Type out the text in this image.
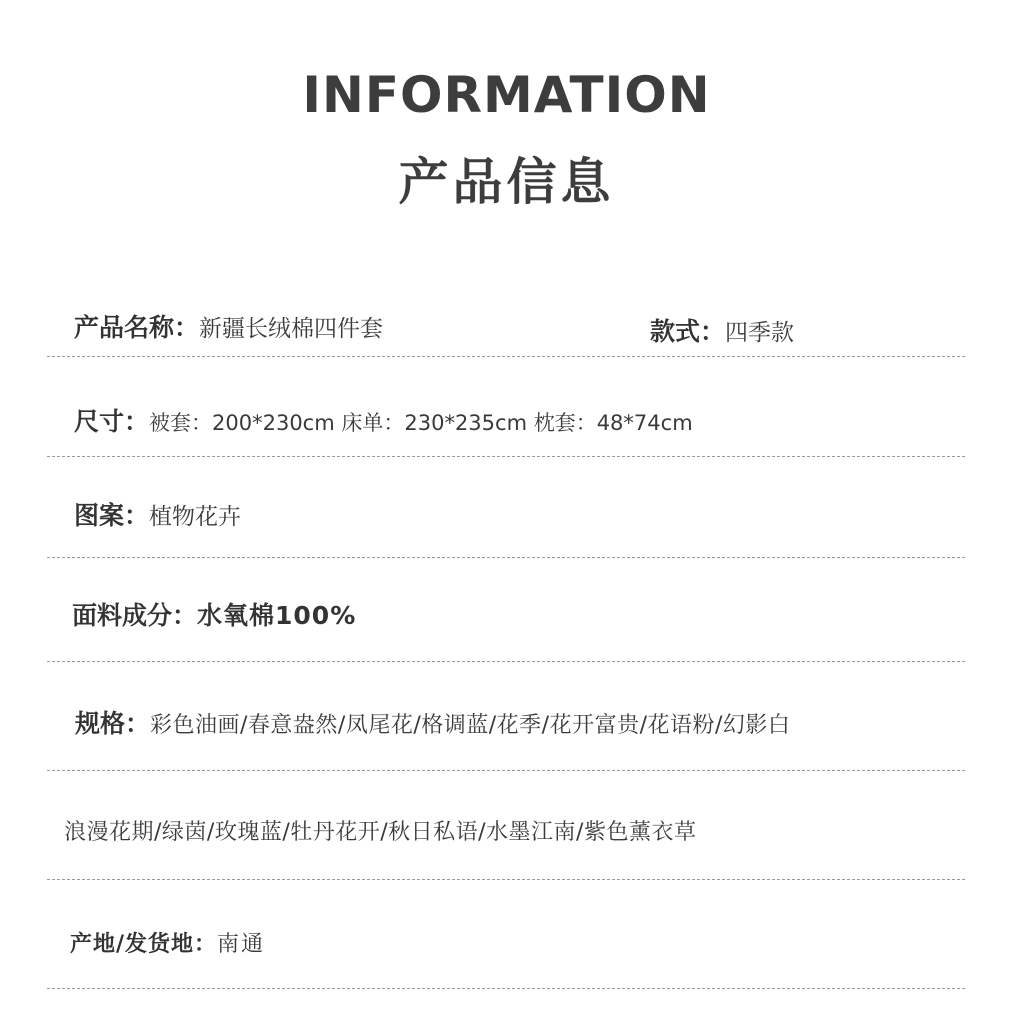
INFORMATION
产品信息
产品名称：新疆长绒棉四件套	款式：四季款
尺寸：被套：200*230cm 床单：230*235cm 枕套：48*74cm
图案：植物花卉
面料成分：水氧棉100%
规格：彩色油画/春意盎然/凤尾花/格调蓝/花季/花开富贵/花语粉/幻影白
浪漫花期/绿茵/玫瑰蓝/牡丹花开/秋日私语/水墨江南/紫色薰衣草
产地/发货地：南通
